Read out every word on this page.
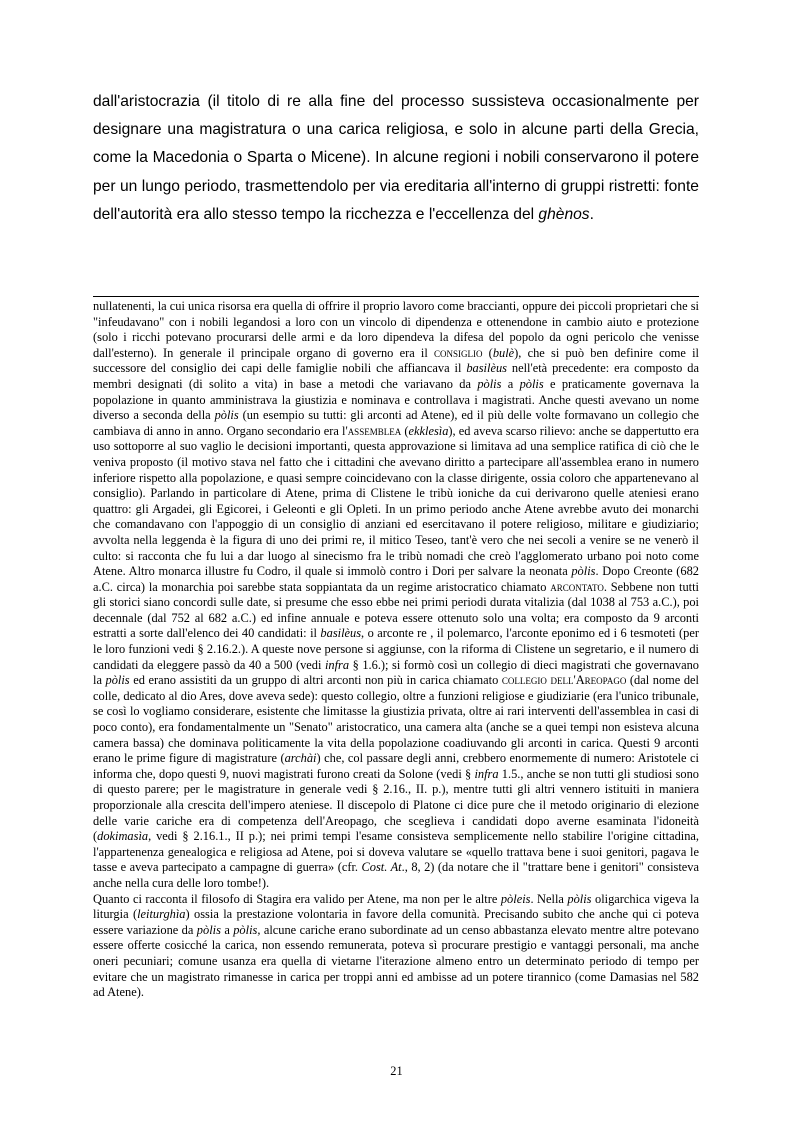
dall'aristocrazia (il titolo di re alla fine del processo sussisteva occasionalmente per designare una magistratura o una carica religiosa, e solo in alcune parti della Grecia, come la Macedonia o Sparta o Micene). In alcune regioni i nobili conservarono il potere per un lungo periodo, trasmettendolo per via ereditaria all'interno di gruppi ristretti: fonte dell'autorità era allo stesso tempo la ricchezza e l'eccellenza del ghènos.

nullatenenti, la cui unica risorsa era quella di offrire il proprio lavoro come braccianti, oppure dei piccoli proprietari che si "infeudavano" con i nobili legandosi a loro con un vincolo di dipendenza e ottenendone in cambio aiuto e protezione (solo i ricchi potevano procurarsi delle armi e da loro dipendeva la difesa del popolo da ogni pericolo che venisse dall'esterno). In generale il principale organo di governo era il consiglio (bulè), che si può ben definire come il successore del consiglio dei capi delle famiglie nobili che affiancava il basilèus nell'età precedente: era composto da membri designati (di solito a vita) in base a metodi che variavano da pòlis a pòlis e praticamente governava la popolazione in quanto amministrava la giustizia e nominava e controllava i magistrati. Anche questi avevano un nome diverso a seconda della pòlis (un esempio su tutti: gli arconti ad Atene), ed il più delle volte formavano un collegio che cambiava di anno in anno. Organo secondario era l'assemblea (ekklesìa), ed aveva scarso rilievo: anche se dappertutto era uso sottoporre al suo vaglio le decisioni importanti, questa approvazione si limitava ad una semplice ratifica di ciò che le veniva proposto (il motivo stava nel fatto che i cittadini che avevano diritto a partecipare all'assemblea erano in numero inferiore rispetto alla popolazione, e quasi sempre coincidevano con la classe dirigente, ossia coloro che appartenevano al consiglio). Parlando in particolare di Atene, prima di Clistene le tribù ioniche da cui derivarono quelle ateniesi erano quattro: gli Argadei, gli Egicorei, i Geleonti e gli Opleti. In un primo periodo anche Atene avrebbe avuto dei monarchi che comandavano con l'appoggio di un consiglio di anziani ed esercitavano il potere religioso, militare e giudiziario; avvolta nella leggenda è la figura di uno dei primi re, il mitico Teseo, tant'è vero che nei secoli a venire se ne venerò il culto: si racconta che fu lui a dar luogo al sinecismo fra le tribù nomadi che creò l'agglomerato urbano poi noto come Atene. Altro monarca illustre fu Codro, il quale si immolò contro i Dori per salvare la neonata pòlis. Dopo Creonte (682 a.C. circa) la monarchia poi sarebbe stata soppiantata da un regime aristocratico chiamato arcontato. Sebbene non tutti gli storici siano concordi sulle date, si presume che esso ebbe nei primi periodi durata vitalizia (dal 1038 al 753 a.C.), poi decennale (dal 752 al 682 a.C.) ed infine annuale e poteva essere ottenuto solo una volta; era composto da 9 arconti estratti a sorte dall'elenco dei 40 candidati: il basilèus, o arconte re , il polemarco, l'arconte eponimo ed i 6 tesmoteti (per le loro funzioni vedi § 2.16.2.). A queste nove persone si aggiunse, con la riforma di Clistene un segretario, e il numero di candidati da eleggere passò da 40 a 500 (vedi infra § 1.6.); si formò così un collegio di dieci magistrati che governavano la pòlis ed erano assistiti da un gruppo di altri arconti non più in carica chiamato collegio dell'Areopago (dal nome del colle, dedicato al dio Ares, dove aveva sede): questo collegio, oltre a funzioni religiose e giudiziarie (era l'unico tribunale, se così lo vogliamo considerare, esistente che limitasse la giustizia privata, oltre ai rari interventi dell'assemblea in casi di poco conto), era fondamentalmente un "Senato" aristocratico, una camera alta (anche se a quei tempi non esisteva alcuna camera bassa) che dominava politicamente la vita della popolazione coadiuvando gli arconti in carica. Questi 9 arconti erano le prime figure di magistrature (archài) che, col passare degli anni, crebbero enormemente di numero: Aristotele ci informa che, dopo questi 9, nuovi magistrati furono creati da Solone (vedi § infra 1.5., anche se non tutti gli studiosi sono di questo parere; per le magistrature in generale vedi § 2.16., II. p.), mentre tutti gli altri vennero istituiti in maniera proporzionale alla crescita dell'impero ateniese. Il discepolo di Platone ci dice pure che il metodo originario di elezione delle varie cariche era di competenza dell'Areopago, che sceglieva i candidati dopo averne esaminata l'idoneità (dokimasìa, vedi § 2.16.1., II p.); nei primi tempi l'esame consisteva semplicemente nello stabilire l'origine cittadina, l'appartenenza genealogica e religiosa ad Atene, poi si doveva valutare se «quello trattava bene i suoi genitori, pagava le tasse e aveva partecipato a campagne di guerra» (cfr. Cost. At., 8, 2) (da notare che il "trattare bene i genitori" consisteva anche nella cura delle loro tombe!).

Quanto ci racconta il filosofo di Stagira era valido per Atene, ma non per le altre pòleis. Nella pòlis oligarchica vigeva la liturgia (leiturghìa) ossia la prestazione volontaria in favore della comunità. Precisando subito che anche qui ci poteva essere variazione da pòlis a pòlis, alcune cariche erano subordinate ad un censo abbastanza elevato mentre altre potevano essere offerte cosicché la carica, non essendo remunerata, poteva sì procurare prestigio e vantaggi personali, ma anche oneri pecuniari; comune usanza era quella di vietarne l'iterazione almeno entro un determinato periodo di tempo per evitare che un magistrato rimanesse in carica per troppi anni ed ambisse ad un potere tirannico (come Damasias nel 582 ad Atene).

21
